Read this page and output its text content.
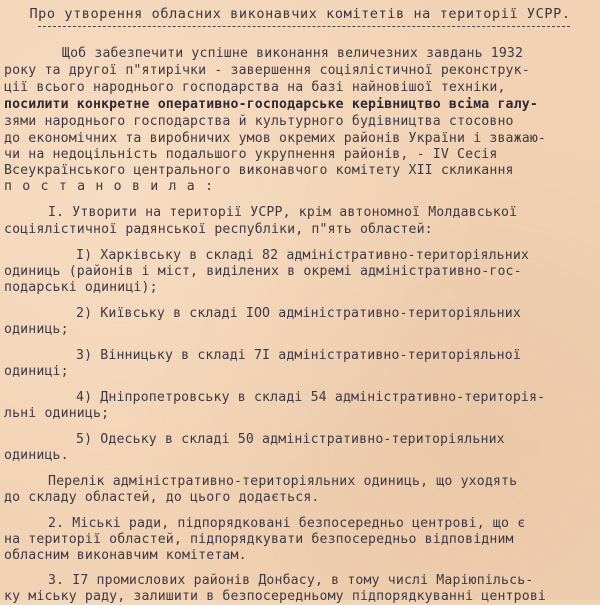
Про утворення обласних виконавчих комітетів на території УСРР.
Щоб забезпечити успішне виконання величезних завдань 1932
року та другої п"ятирічки - завершення соціялістичної реконструк-
ції всього народнього господарства на базі найновішої техніки,
посилити конкретне оперативно-господарське керівництво всіма галу-
зями народнього господарства й культурного будівництва стосовно
до економічних та виробничих умов окремих районів України і зважаю-
чи на недоцільність подальшого укрупнення районів, - IV Сесія
Всеукраїнського центрального виконавчого комітету XII скликання
п о с т а н о в и л а :
I. Утворити на території УСРР, крім автономної Молдавської
соціялістичної радянської республіки, п"ять областей:
I) Харківську в складі 82 адміністративно-територіяльних
одиниць (районів і міст, виділених в окремі адміністративно-гос-
подарські одиниці);
2) Київську в складі IOO адміністративно-територіяльних
одиниць;
3) Вінницьку в складі 7I адміністративно-територіяльної
одиниці;
4) Дніпропетровську в складі 54 адміністративно-територія-
льні одиниць;
5) Одеську в складі 50 адміністративно-територіяльних
одиниць.
Перелік адміністративно-територіяльних одиниць, що уходять
до складу областей, до цього додається.
2. Міські ради, підпорядковані безпосередньо центрові, що є
на території областей, підпорядкувати безпосередньо відповідним
обласним виконавчим комітетам.
3. I7 промислових районів Донбасу, в тому числі Маріюпільсь-
ку міську раду, залишити в безпосередньому підпорядкуванні центрові
